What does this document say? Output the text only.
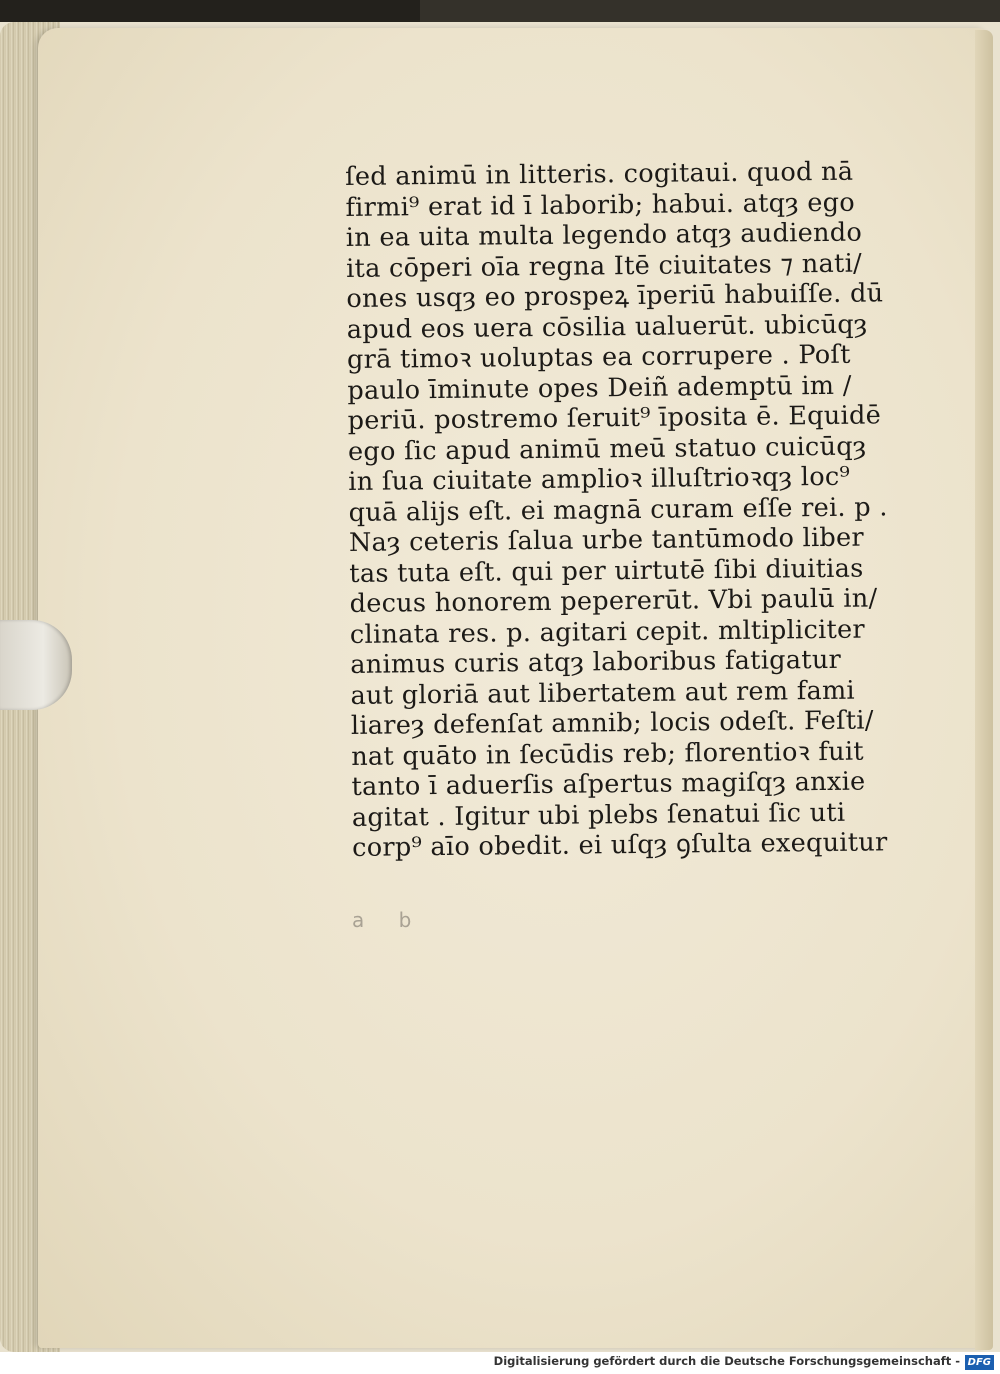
ſed animū in litteris. cogitaui. quod nā
firmi⁹ erat id ī laborib; habui. atqȝ ego
in ea uita multa legendo atqȝ audiendo
ita cōperi oīa regna Itē ciuitates ⁊ nati/
ones usqȝ eo prospeꝝ īperiū habuiſſe. dū
apud eos uera cōsilia ualuerūt. ubicūqȝ
grā timoꝛ uoluptas ea corrupere . Poſt
paulo īminute opes Deiñ ademptū im /
periū. postremo ſeruit⁹ īposita ē. Equidē
ego ſic apud animū meū statuo cuicūqȝ
in ſua ciuitate amplioꝛ illuſtrioꝛqȝ loc⁹
quā alijs eſt. ei magnā curam eſſe rei. p .
Naȝ ceteris ſalua urbe tantūmodo liber
tas tuta eſt. qui per uirtutē ſibi diuitias
decus honorem pepererūt. Vbi paulū in/
clinata res. p. agitari cepit. mltipliciter
animus curis atqȝ laboribus fatigatur
aut gloriā aut libertatem aut rem fami
liareȝ defenſat amnib; locis odeſt. Feſti/
nat quāto in ſecūdis reb; florentioꝛ fuit
tanto ī aduerſis aſpertus magiſqȝ anxie
agitat . Igitur ubi plebs ſenatui ſic uti
corp⁹ aīo obedit. ei uſqȝ ꝯſulta exequitur
a b
Digitalisierung gefördert durch die Deutsche Forschungsgemeinschaft - DFG
